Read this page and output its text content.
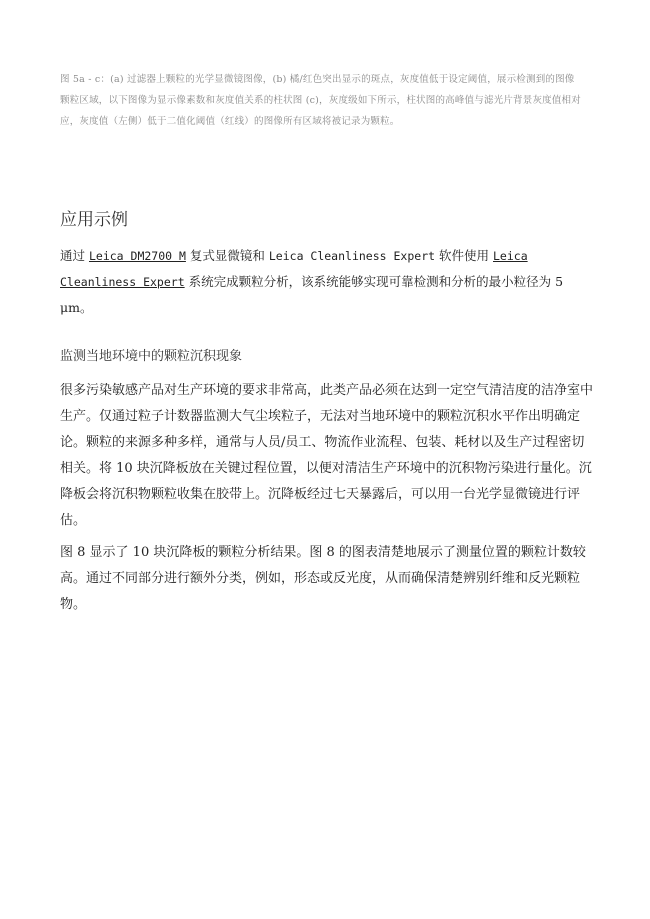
图 5a - c：(a) 过滤器上颗粒的光学显微镜图像，(b) 橘/红色突出显示的斑点，灰度值低于设定阈值，展示检测到的图像
颗粒区域，以下图像为显示像素数和灰度值关系的柱状图 (c)，灰度级如下所示，柱状图的高峰值与滤光片背景灰度值相对
应，灰度值（左侧）低于二值化阈值（红线）的图像所有区域将被记录为颗粒。
应用示例
通过 Leica DM2700 M 复式显微镜和 Leica Cleanliness Expert 软件使用 Leica Cleanliness Expert 系统完成颗粒分析，该系统能够实现可靠检测和分析的最小粒径为 5 μm。
监测当地环境中的颗粒沉积现象
很多污染敏感产品对生产环境的要求非常高，此类产品必须在达到一定空气清洁度的洁净室中生产。仅通过粒子计数器监测大气尘埃粒子，无法对当地环境中的颗粒沉积水平作出明确定论。颗粒的来源多种多样，通常与人员/员工、物流作业流程、包装、耗材以及生产过程密切相关。将 10 块沉降板放在关键过程位置，以便对清洁生产环境中的沉积物污染进行量化。沉降板会将沉积物颗粒收集在胶带上。沉降板经过七天暴露后，可以用一台光学显微镜进行评估。
图 8 显示了 10 块沉降板的颗粒分析结果。图 8 的图表清楚地展示了测量位置的颗粒计数较高。通过不同部分进行额外分类，例如，形态或反光度，从而确保清楚辨别纤维和反光颗粒物。
